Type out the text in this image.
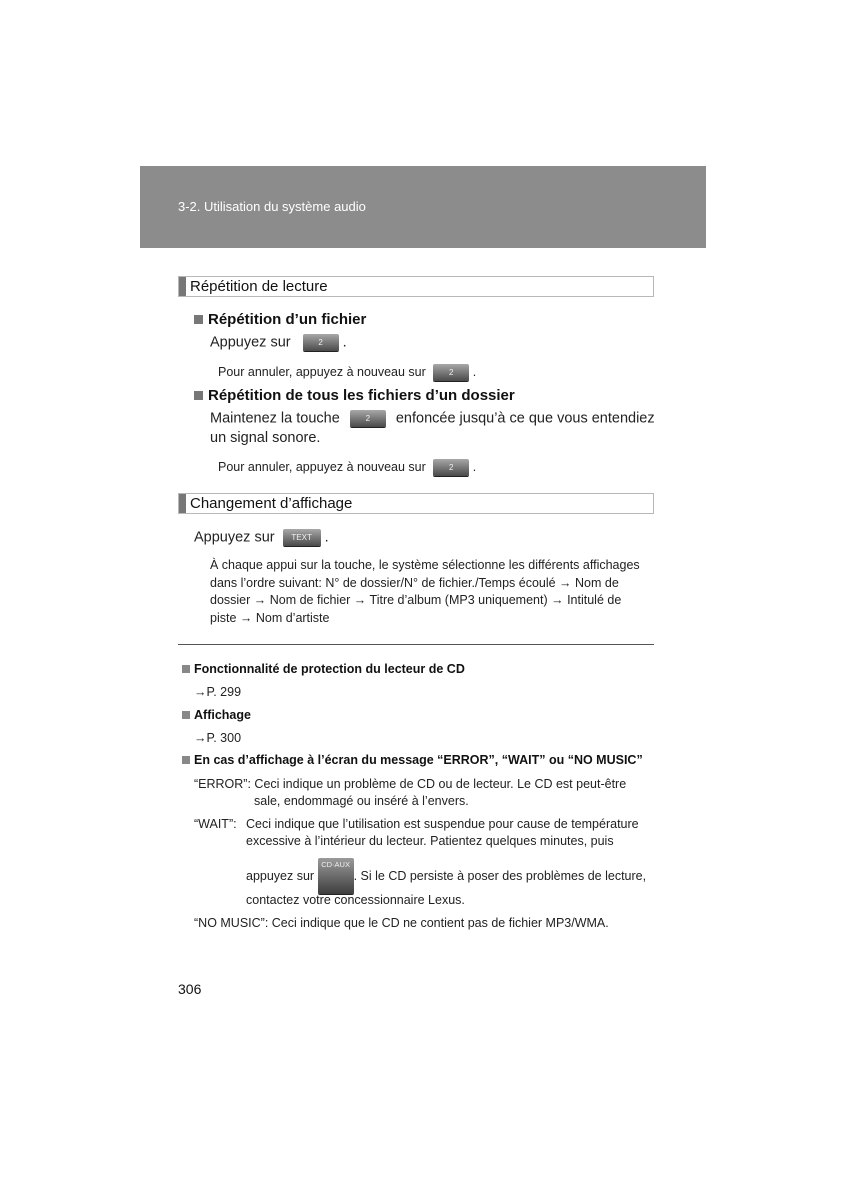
3-2. Utilisation du système audio
Répétition de lecture
Répétition d’un fichier
Appuyez sur	2 .
Pour annuler, appuyez à nouveau sur	2 .
Répétition de tous les fichiers d’un dossier
Maintenez la touche	2 enfoncée jusqu’à ce que vous entendiez
un signal sonore.
Pour annuler, appuyez à nouveau sur	2 .
Changement d’affichage
Appuyez sur TEXT .
À chaque appui sur la touche, le système sélectionne les différents affichages
dans l’ordre suivant: N° de dossier/N° de fichier./Temps écoulé → Nom de
dossier → Nom de fichier → Titre d’album (MP3 uniquement) → Intitulé de
piste → Nom d’artiste
Fonctionnalité de protection du lecteur de CD
→P. 299
Affichage
→P. 300
En cas d’affichage à l’écran du message “ERROR”, “WAIT” ou “NO MUSIC”
“ERROR”: Ceci indique un problème de CD ou de lecteur. Le CD est peut-être
sale, endommagé ou inséré à l’envers.
“WAIT”: Ceci indique que l’utilisation est suspendue pour cause de température
excessive à l’intérieur du lecteur. Patientez quelques minutes, puis
appuyez sur CD·AUX. Si le CD persiste à poser des problèmes de lecture,
contactez votre concessionnaire Lexus.
“NO MUSIC”: Ceci indique que le CD ne contient pas de fichier MP3/WMA.
306
